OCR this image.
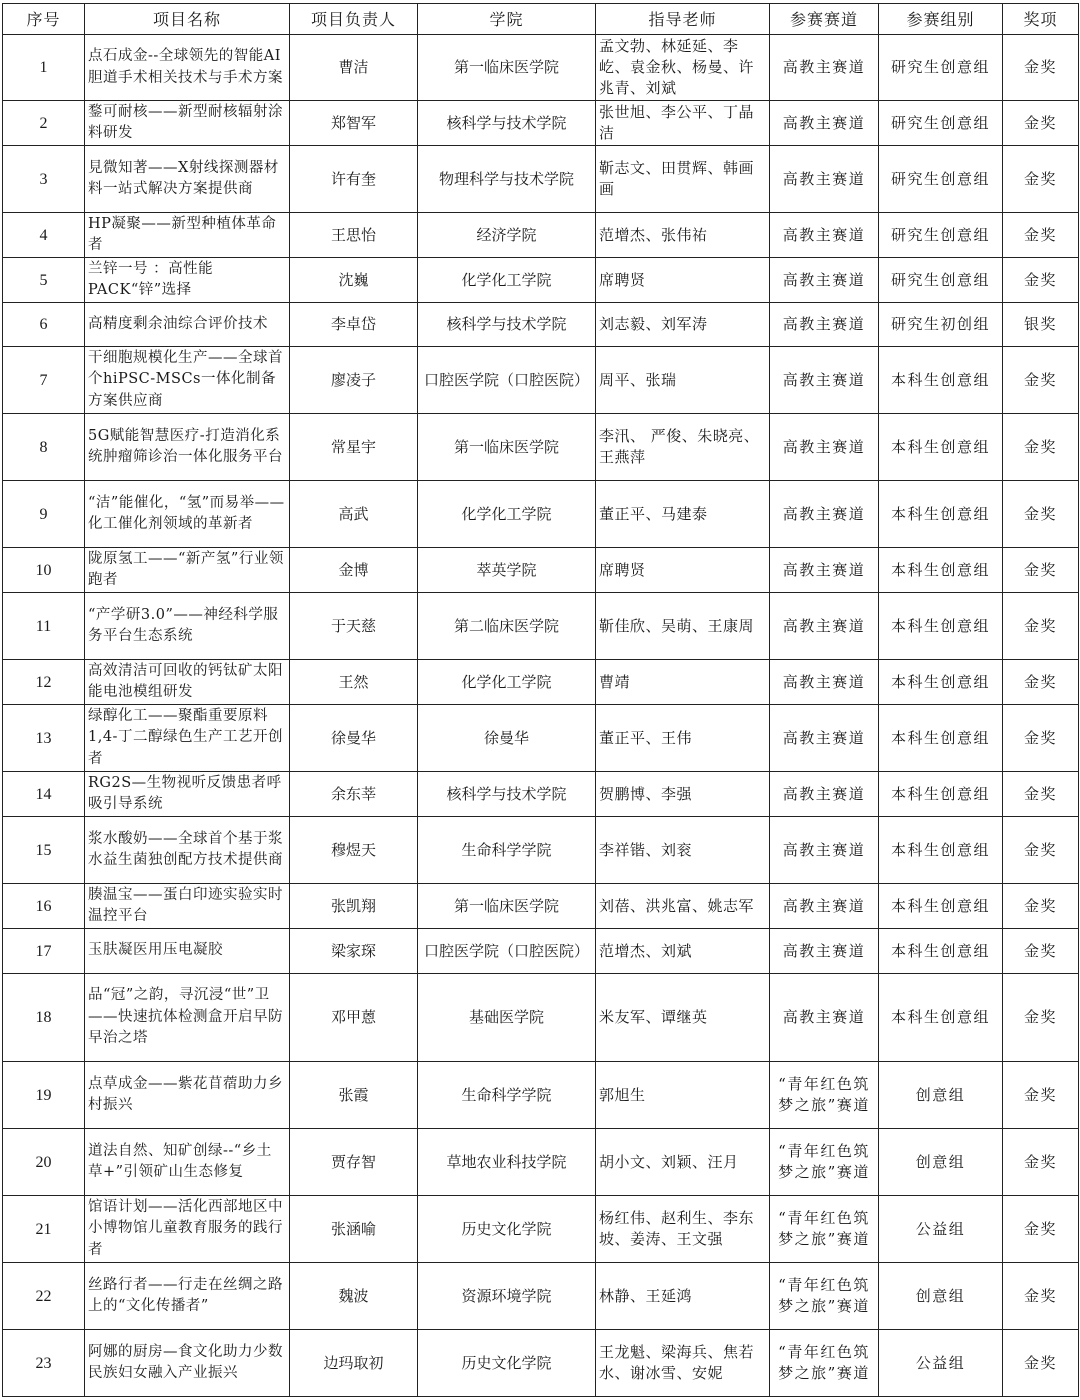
序号	项目名称	项目负责人	学院	指导老师	参赛赛道	参赛组别	奖项
1	点石成金--全球领先的智能AI胆道手术相关技术与手术方案	曹洁	第一临床医学院	孟文勃、林延延、李屹、袁金秋、杨曼、许兆青、刘斌	高教主赛道	研究生创意组	金奖
2	鍪可耐核——新型耐核辐射涂料研发	郑智军	核科学与技术学院	张世旭、李公平、丁晶洁	高教主赛道	研究生创意组	金奖
3	見微知著——X射线探测器材料一站式解决方案提供商	许有奎	物理科学与技术学院	靳志文、田贯辉、韩画画	高教主赛道	研究生创意组	金奖
4	HP凝聚——新型种植体革命者	王思怡	经济学院	范增杰、张伟祐	高教主赛道	研究生创意组	金奖
5	兰锌一号 ：高性能PACK“锌”选择	沈巍	化学化工学院	席聘贤	高教主赛道	研究生创意组	金奖
6	高精度剩余油综合评价技术	李卓岱	核科学与技术学院	刘志毅、刘军涛	高教主赛道	研究生初创组	银奖
7	干细胞规模化生产——全球首个hiPSC-MSCs一体化制备方案供应商	廖凌子	口腔医学院（口腔医院）	周平、张瑞	高教主赛道	本科生创意组	金奖
8	5G赋能智慧医疗-打造消化系统肿瘤筛诊治一体化服务平台	常星宇	第一临床医学院	李汛、 严俊、朱晓亮、 王燕萍	高教主赛道	本科生创意组	金奖
9	“洁”能催化，“氢”而易举——化工催化剂领域的革新者	高武	化学化工学院	董正平、马建泰	高教主赛道	本科生创意组	金奖
10	陇原氢工——“新产氢”行业领跑者	金博	萃英学院	席聘贤	高教主赛道	本科生创意组	金奖
11	“产学研3.0”——神经科学服务平台生态系统	于天慈	第二临床医学院	靳佳欣、吴萌、王康周	高教主赛道	本科生创意组	金奖
12	高效清洁可回收的钙钛矿太阳能电池模组研发	王然	化学化工学院	曹靖	高教主赛道	本科生创意组	金奖
13	绿醇化工——聚酯重要原料 1,4-丁二醇绿色生产工艺开创者	徐曼华	徐曼华	董正平、王伟	高教主赛道	本科生创意组	金奖
14	RG2S—生物视听反馈患者呼吸引导系统	余东莘	核科学与技术学院	贺鹏博、李强	高教主赛道	本科生创意组	金奖
15	浆水酸奶——全球首个基于浆水益生菌独创配方技术提供商	穆煜天	生命科学学院	李祥锴、刘衮	高教主赛道	本科生创意组	金奖
16	腠温宝——蛋白印迹实验实时温控平台	张凯翔	第一临床医学院	刘蓓、洪兆富、姚志军	高教主赛道	本科生创意组	金奖
17	玉肤凝医用压电凝胶	梁家琛	口腔医学院（口腔医院）	范增杰、刘斌	高教主赛道	本科生创意组	金奖
18	品“冠”之韵，寻沉浸“世”卫——快速抗体检测盒开启早防早治之塔	邓甲蒽	基础医学院	米友军、谭继英	高教主赛道	本科生创意组	金奖
19	点草成金——紫花苜蓿助力乡村振兴	张霞	生命科学学院	郭旭生	“青年红色筑梦之旅”赛道	创意组	金奖
20	道法自然、知矿创绿--“乡土草+”引领矿山生态修复	贾存智	草地农业科技学院	胡小文、刘颖、汪月	“青年红色筑梦之旅”赛道	创意组	金奖
21	馆语计划——活化西部地区中小博物馆儿童教育服务的践行者	张涵喻	历史文化学院	杨红伟、赵利生、李东坡、姜涛、王文强	“青年红色筑梦之旅”赛道	公益组	金奖
22	丝路行者——行走在丝绸之路上的“文化传播者”	魏波	资源环境学院	林静、王延鸿	“青年红色筑梦之旅”赛道	创意组	金奖
23	阿娜的厨房—食文化助力少数民族妇女融入产业振兴	边玛取初	历史文化学院	王龙魁、梁海兵、焦若水、谢冰雪、安妮	“青年红色筑梦之旅”赛道	公益组	金奖
